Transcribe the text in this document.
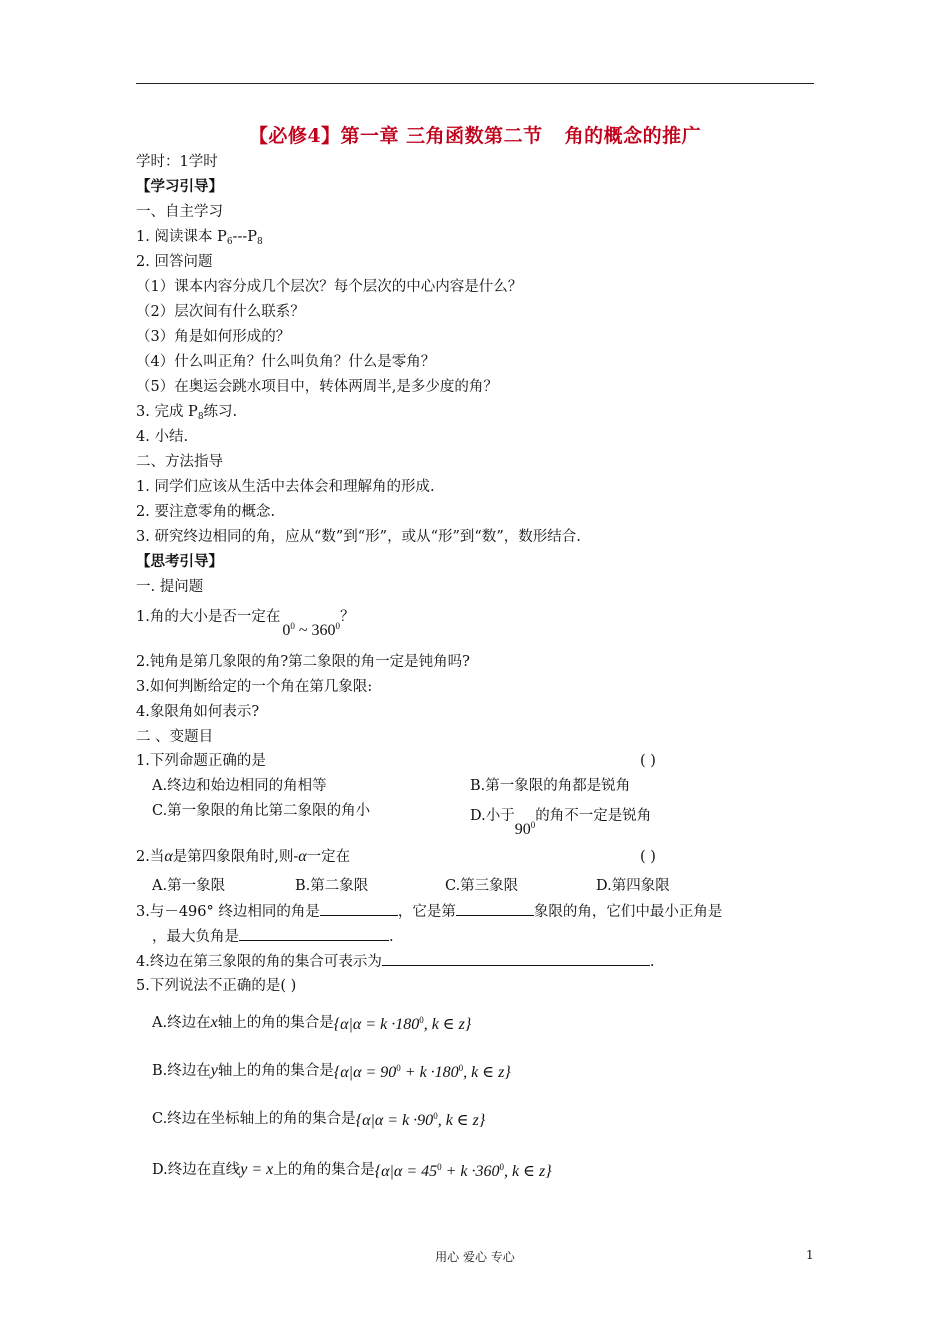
【必修4】第一章 三角函数第二节 角的概念的推广
学时：1学时
【学习引导】
一、自主学习
1. 阅读课本 $P_6---P_8$
2. 回答问题
（1）课本内容分成几个层次？每个层次的中心内容是什么？
（2）层次间有什么联系？
（3）角是如何形成的？
（4）什么叫正角？什么叫负角？什么是零角？
（5）在奥运会跳水项目中，转体两周半,是多少度的角？
3. 完成 $P_8$练习.
4. 小结.
二、方法指导
1. 同学们应该从生活中去体会和理解角的形成.
2. 要注意零角的概念.
3. 研究终边相同的角，应从“数”到“形”，或从“形”到“数”，数形结合.
【思考引导】
一. 提问题
1.角的大小是否一定在$0^0$ ~ $360^0$？
2.钝角是第几象限的角?第二象限的角一定是钝角吗?
3.如何判断给定的一个角在第几象限:
4.象限角如何表示?
二 、变题目
1.下列命题正确的是	( )
A.终边和始边相同的角相等	B.第一象限的角都是锐角
C.第一象限的角比第二象限的角小	D.小于$90^0$的角不一定是锐角
2.当α是第四象限角时,则-α一定在	( )
A.第一象限	B.第二象限	C.第三象限	D.第四象限
3.与－496° 终边相同的角是	，它是第	象限的角，它们中最小正角是
，最大负角是	.
4.终边在第三象限的角的集合可表示为	.
5.下列说法不正确的是( )
A.终边在x轴上的角的集合是{$\alpha|\alpha = k \cdot 180^0$, k ∈ z}
B.终边在y轴上的角的集合是{$\alpha|\alpha = 90^0 + k \cdot 180^0$, k ∈ z}
C.终边在坐标轴上的角的集合是{$\alpha|\alpha = k \cdot 90^0$, k ∈ z}
D.终边在直线y = x上的角的集合是{$\alpha|\alpha = 45^0 + k \cdot 360^0$, k ∈ z}
用心 爱心 专心	1
